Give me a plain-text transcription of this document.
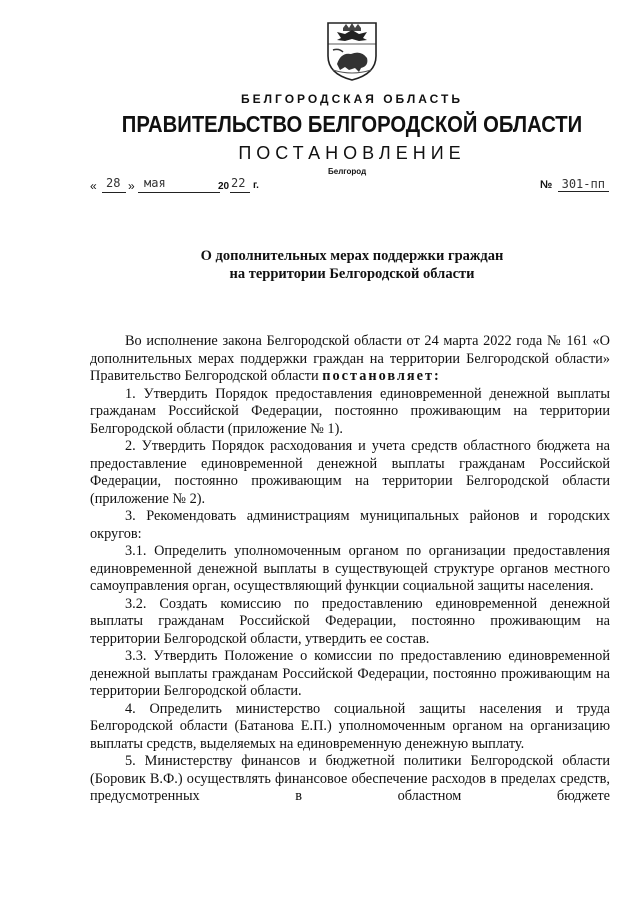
БЕЛГОРОДСКАЯ ОБЛАСТЬ
ПРАВИТЕЛЬСТВО БЕЛГОРОДСКОЙ ОБЛАСТИ
ПОСТАНОВЛЕНИЕ
Белгород
« 28 » мая	20 22 г.	№ 301-пп
О дополнительных мерах поддержки граждан
на территории Белгородской области

Во исполнение закона Белгородской области от 24 марта 2022 года № 161 «О дополнительных мерах поддержки граждан на территории Белгородской области» Правительство Белгородской области постановляет:

1. Утвердить Порядок предоставления единовременной денежной выплаты гражданам Российской Федерации, постоянно проживающим на территории Белгородской области (приложение № 1).

2. Утвердить Порядок расходования и учета средств областного бюджета на предоставление единовременной денежной выплаты гражданам Российской Федерации, постоянно проживающим на территории Белгородской области (приложение № 2).

3. Рекомендовать администрациям муниципальных районов и городских округов:

3.1. Определить уполномоченным органом по организации предоставления единовременной денежной выплаты в существующей структуре органов местного самоуправления орган, осуществляющий функции социальной защиты населения.

3.2. Создать комиссию по предоставлению единовременной денежной выплаты гражданам Российской Федерации, постоянно проживающим на территории Белгородской области, утвердить ее состав.

3.3. Утвердить Положение о комиссии по предоставлению единовременной денежной выплаты гражданам Российской Федерации, постоянно проживающим на территории Белгородской области.

4. Определить министерство социальной защиты населения и труда Белгородской области (Батанова Е.П.) уполномоченным органом на организацию выплаты средств, выделяемых на единовременную денежную выплату.

5. Министерству финансов и бюджетной политики Белгородской области (Боровик В.Ф.) осуществлять финансовое обеспечение расходов в пределах средств, предусмотренных в областном бюджете
